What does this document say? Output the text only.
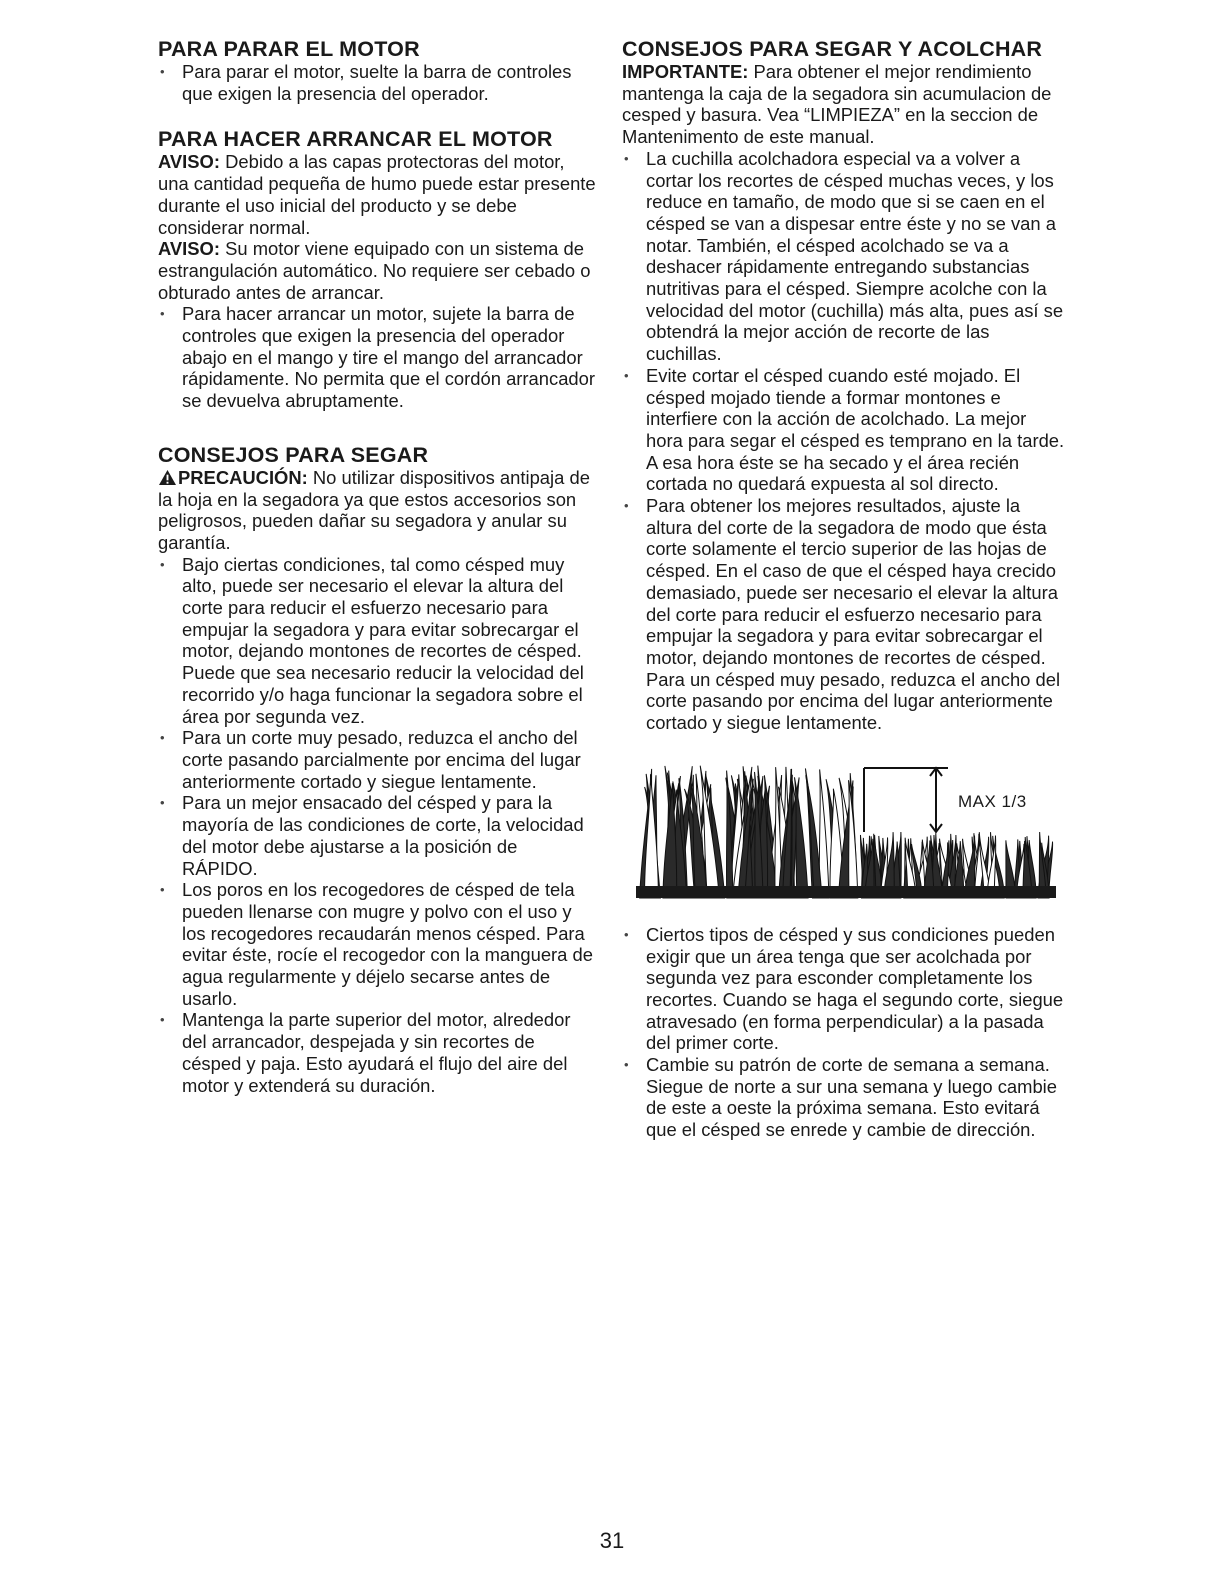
PARA PARAR EL MOTOR
• Para parar el motor, suelte la barra de controles que exigen la presencia del operador.
PARA HACER ARRANCAR EL MOTOR

AVISO: Debido a las capas protectoras del motor, una cantidad pequeña de humo puede estar presente durante el uso inicial del producto y se debe considerar normal.

AVISO: Su motor viene equipado con un sistema de estrangulación automático. No requiere ser cebado o obturado antes de arrancar.

• Para hacer arrancar un motor, sujete la barra de controles que exigen la presencia del operador abajo en el mango y tire el mango del arrancador rápidamente. No permita que el cordón arrancador se devuelva abruptamente.
CONSEJOS PARA SEGAR

PRECAUCIÓN: No utilizar dispositivos antipaja de la hoja en la segadora ya que estos accesorios son peligrosos, pueden dañar su segadora y anular su garantía.

• Bajo ciertas condiciones, tal como césped muy alto, puede ser necesario el elevar la altura del corte para reducir el esfuerzo necesario para empujar la segadora y para evitar sobrecargar el motor, dejando montones de recortes de césped. Puede que sea necesario reducir la velocidad del recorrido y/o haga funcionar la segadora sobre el área por segunda vez.
• Para un corte muy pesado, reduzca el ancho del corte pasando parcialmente por encima del lugar anteriormente cortado y siegue lentamente.
• Para un mejor ensacado del césped y para la mayoría de las condiciones de corte, la velocidad del motor debe ajustarse a la posición de RÁPIDO.
• Los poros en los recogedores de césped de tela pueden llenarse con mugre y polvo con el uso y los recogedores recaudarán menos césped. Para evitar éste, rocíe el recogedor con la manguera de agua regularmente y déjelo secarse antes de usarlo.
• Mantenga la parte superior del motor, alrededor del arrancador, despejada y sin recortes de césped y paja. Esto ayudará el flujo del aire del motor y extenderá su duración.
CONSEJOS PARA SEGAR Y ACOLCHAR

IMPORTANTE: Para obtener el mejor rendimiento mantenga la caja de la segadora sin acumulacion de cesped y basura. Vea “LIMPIEZA” en la seccion de Mantenimento de este manual.

• La cuchilla acolchadora especial va a volver a cortar los recortes de césped muchas veces, y los reduce en tamaño, de modo que si se caen en el césped se van a dispesar entre éste y no se van a notar. También, el césped acolchado se va a deshacer rápidamente entregando substancias nutritivas para el césped. Siempre acolche con la velocidad del motor (cuchilla) más alta, pues así se obtendrá la mejor acción de recorte de las cuchillas.
• Evite cortar el césped cuando esté mojado. El césped mojado tiende a formar montones e interfiere con la acción de acolchado. La mejor hora para segar el césped es temprano en la tarde. A esa hora éste se ha secado y el área recién cortada no quedará expuesta al sol directo.
• Para obtener los mejores resultados, ajuste la altura del corte de la segadora de modo que ésta corte solamente el tercio superior de las hojas de césped. En el caso de que el césped haya crecido demasiado, puede ser necesario el elevar la altura del corte para reducir el esfuerzo necesario para empujar la segadora y para evitar sobrecargar el motor, dejando montones de recortes de césped. Para un césped muy pesado, reduzca el ancho del corte pasando por encima del lugar anteriormente cortado y siegue lentamente.
MAX 1/3
• Ciertos tipos de césped y sus condiciones pueden exigir que un área tenga que ser acolchada por segunda vez para esconder completamente los recortes. Cuando se haga el segundo corte, siegue atravesado (en forma perpendicular) a la pasada del primer corte.
• Cambie su patrón de corte de semana a semana. Siegue de norte a sur una semana y luego cambie de este a oeste la próxima semana. Esto evitará que el césped se enrede y cambie de dirección.
31
